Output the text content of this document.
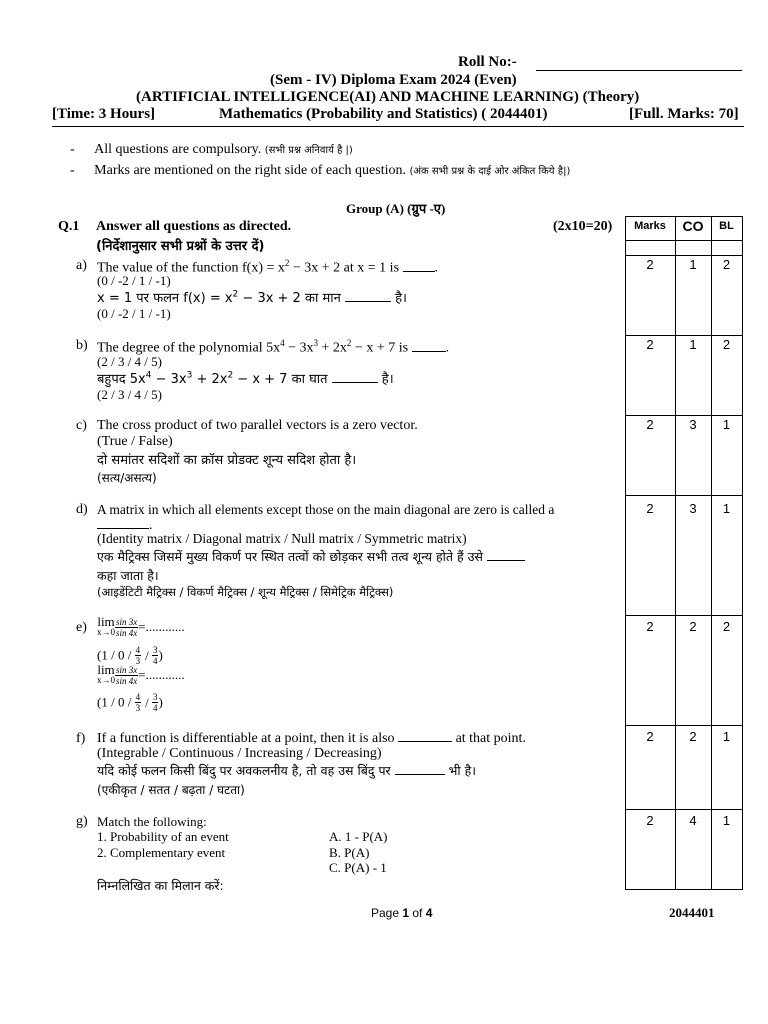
Roll No:-
(Sem - IV) Diploma Exam 2024 (Even)
(ARTIFICIAL INTELLIGENCE(AI) AND MACHINE LEARNING) (Theory)
[Time: 3 Hours]	Mathematics (Probability and Statistics) ( 2044401)	[Full. Marks: 70]
- All questions are compulsory. (सभी प्रश्न अनिवार्य है |)
- Marks are mentioned on the right side of each question. (अंक सभी प्रश्न के दाई ओर अंकित किये है|)
Group (A) (ग्रुप -ए)
Q.1 Answer all questions as directed.
(निर्देशानुसार सभी प्रश्नों के उत्तर दें)
(2x10=20)	Marks	CO	BL
2	1	2
2	1	2
2	3	1
2	3	1
2	2	2
2	2	1
2	4	1
a) The value of the function $f(x) = x^2 - 3x + 2$ at x = 1 is .
(0 / -2 / 1 / -1)
x = 1 पर फलन $f(x) = x^2 - 3x + 2$ का मान	है।
(0 / -2 / 1 / -1)
b) The degree of the polynomial $5x^4 - 3x^3 + 2x^2 - x + 7$ is .
(2 / 3 / 4 / 5)
बहुपद $5x^4 - 3x^3 + 2x^2 - x + 7$ का घात	है।
(2 / 3 / 4 / 5)
c) The cross product of two parallel vectors is a zero vector.
(True / False)
दो समांतर सदिशों का क्रॉस प्रोडक्ट शून्य सदिश होता है।
(सत्य/असत्य)
d) A matrix in which all elements except those on the main diagonal are zero is called a
.
(Identity matrix / Diagonal matrix / Null matrix / Symmetric matrix)
एक मैट्रिक्स जिसमें मुख्य विकर्ण पर स्थित तत्वों को छोड़कर सभी तत्व शून्य होते हैं उसे
कहा जाता है।
(आइडेंटिटी मैट्रिक्स / विकर्ण मैट्रिक्स / शून्य मैट्रिक्स / सिमेट्रिक मैट्रिक्स)
e) lim
$x\to 0 \frac{\sin 3x}{\sin 4x}$ =............
($1 / 0 / \frac{4}{3} / \frac{3}{4}$ )
lim
$x\to 0 \frac{\sin 3x}{\sin 4x}$ =............
($1 / 0 / \frac{4}{3} / \frac{3}{4}$ )
f) If a function is differentiable at a point, then it is also	at that point.
(Integrable / Continuous / Increasing / Decreasing)
यदि कोई फलन किसी बिंदु पर अवकलनीय है, तो वह उस बिंदु पर	भी है।
(एकीकृत / सतत / बढ़ता / घटता)
g) Match the following:
1. Probability of an event
2. Complementary event
A. 1 - P(A)
B. P(A)
C. P(A) - 1
निम्नलिखित का मिलान करें:
Page 1 of 4	2044401
